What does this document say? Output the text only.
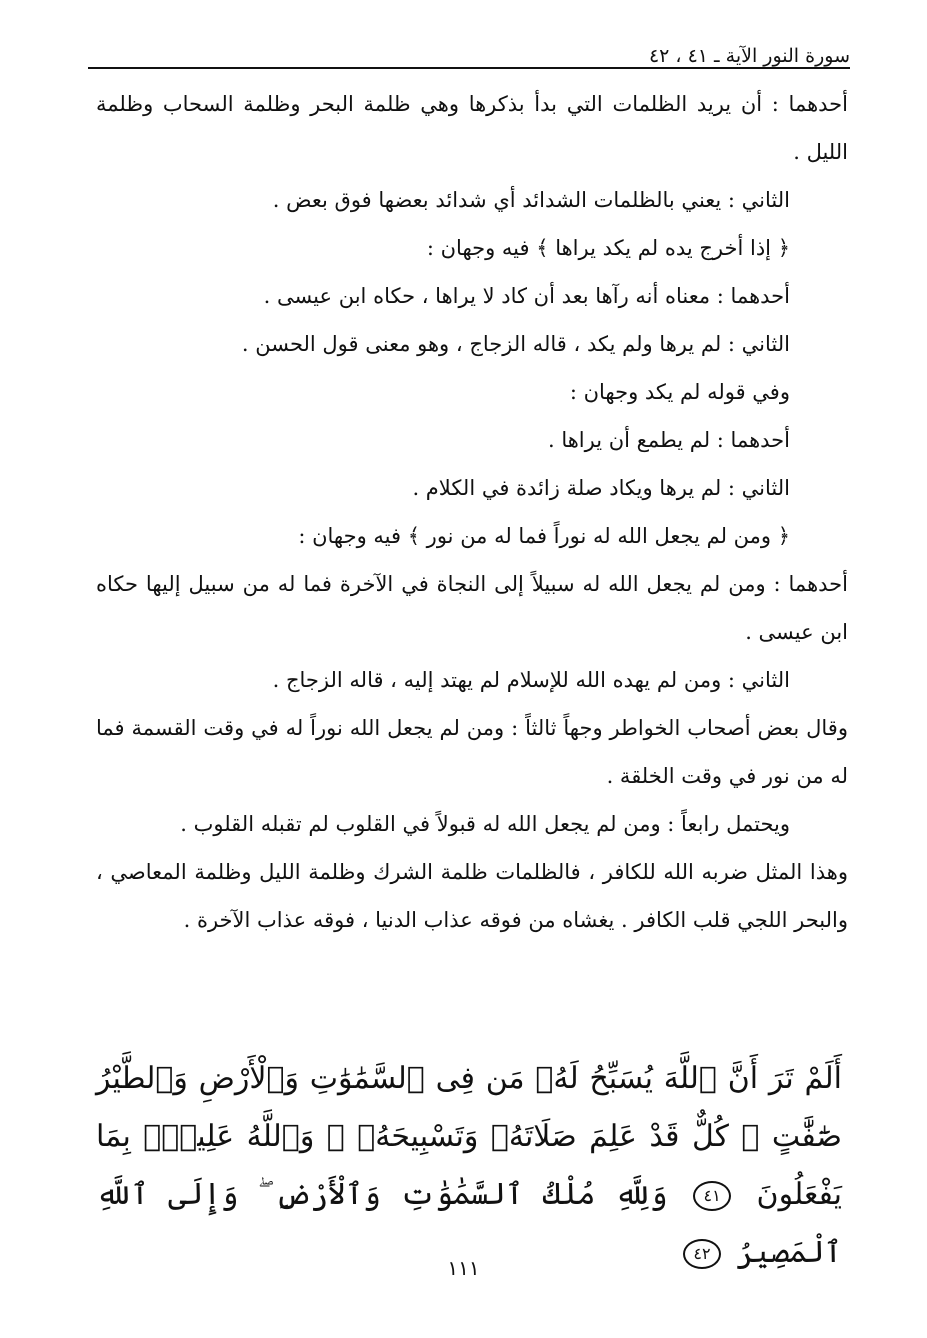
سورة النور الآية ـ ٤١ ، ٤٢

أحدهما : أن يريد الظلمات التي بدأ بذكرها وهي ظلمة البحر وظلمة السحاب وظلمة الليل .

الثاني : يعني بالظلمات الشدائد أي شدائد بعضها فوق بعض .

﴿ إذا أخرج يده لم يكد يراها ﴾ فيه وجهان :

أحدهما : معناه أنه رآها بعد أن كاد لا يراها ، حكاه ابن عيسى .

الثاني : لم يرها ولم يكد ، قاله الزجاج ، وهو معنى قول الحسن .

وفي قوله لم يكد وجهان :

أحدهما : لم يطمع أن يراها .

الثاني : لم يرها ويكاد صلة زائدة في الكلام .

﴿ ومن لم يجعل الله له نوراً فما له من نور ﴾ فيه وجهان :

أحدهما : ومن لم يجعل الله له سبيلاً إلى النجاة في الآخرة فما له من سبيل إليها حكاه ابن عيسى .

الثاني : ومن لم يهده الله للإسلام لم يهتد إليه ، قاله الزجاج .

وقال بعض أصحاب الخواطر وجهاً ثالثاً : ومن لم يجعل الله نوراً له في وقت القسمة فما له من نور في وقت الخلقة .

ويحتمل رابعاً : ومن لم يجعل الله له قبولاً في القلوب لم تقبله القلوب .

وهذا المثل ضربه الله للكافر ، فالظلمات ظلمة الشرك وظلمة الليل وظلمة المعاصي ، والبحر اللجي قلب الكافر . يغشاه من فوقه عذاب الدنيا ، فوقه عذاب الآخرة .

أَلَمْ تَرَ أَنَّ ٱللَّهَ يُسَبِّحُ لَهُۥ مَن فِى ٱلسَّمَٰوَٰتِ وَٱلْأَرْضِ وَٱلطَّيْرُ صَٰٓفَّٰتٍ ۖ كُلٌّ قَدْ عَلِمَ صَلَاتَهُۥ وَتَسْبِيحَهُۥ ۗ وَٱللَّهُ عَلِيمٌۢ بِمَا يَفْعَلُونَ ٤١ وَلِلَّهِ مُلْكُ ٱلسَّمَٰوَٰتِ وَٱلْأَرْضِ ۖ وَإِلَى ٱللَّهِ ٱلْمَصِيرُ ٤٢
١١١
